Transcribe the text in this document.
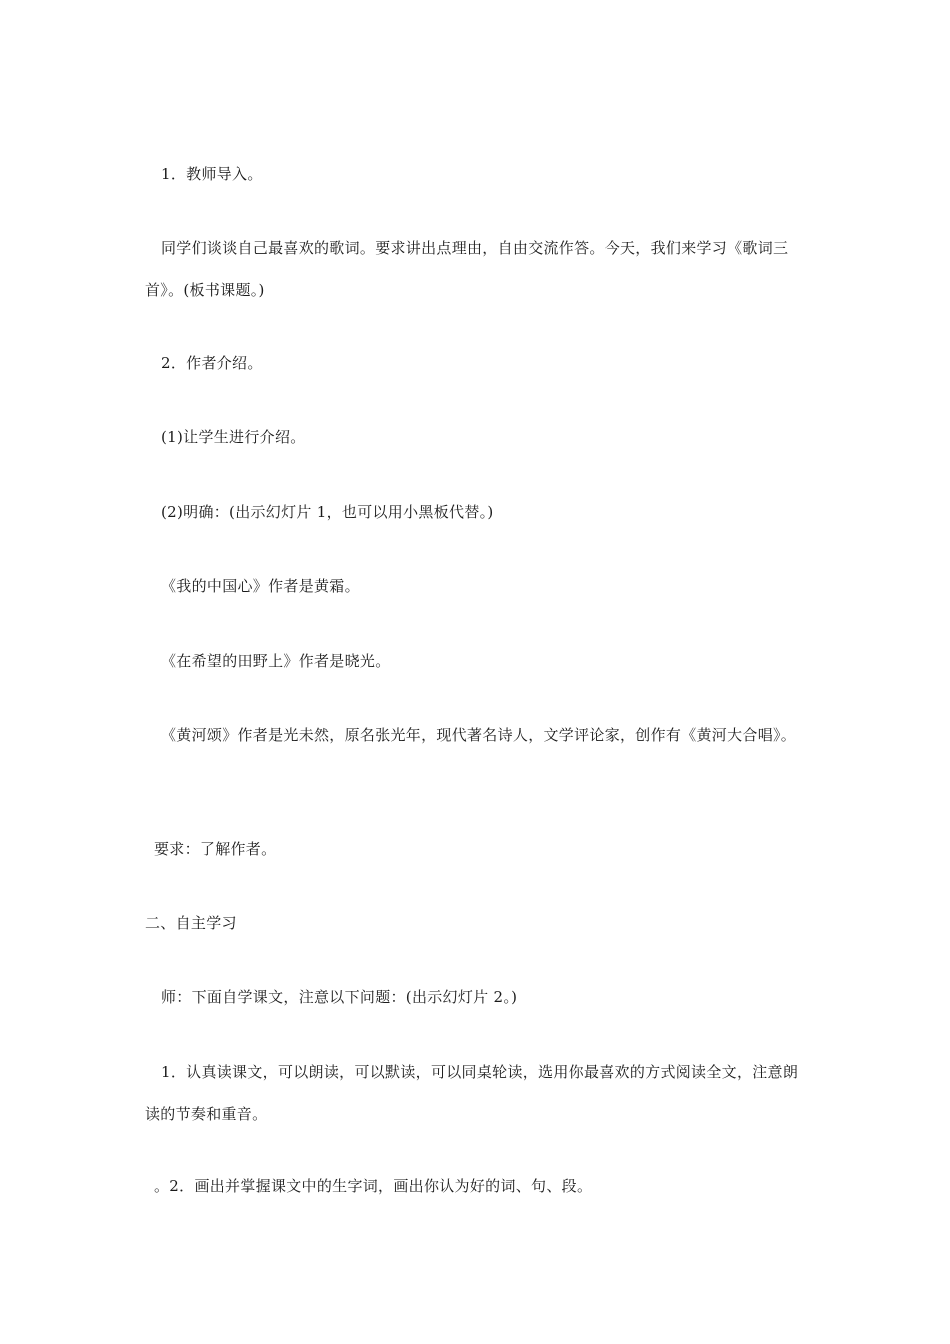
1．教师导入。
同学们谈谈自己最喜欢的歌词。要求讲出点理由，自由交流作答。今天，我们来学习《歌词三首》。(板书课题。)
2．作者介绍。
(1)让学生进行介绍。
(2)明确：(出示幻灯片 1，也可以用小黑板代替。)
《我的中国心》作者是黄霜。
《在希望的田野上》作者是晓光。
《黄河颂》作者是光未然，原名张光年，现代著名诗人，文学评论家，创作有《黄河大合唱》。
要求：了解作者。
二、自主学习
师：下面自学课文，注意以下问题：(出示幻灯片 2。)
1．认真读课文，可以朗读，可以默读，可以同桌轮读，选用你最喜欢的方式阅读全文，注意朗读的节奏和重音。
。2．画出并掌握课文中的生字词，画出你认为好的词、句、段。
